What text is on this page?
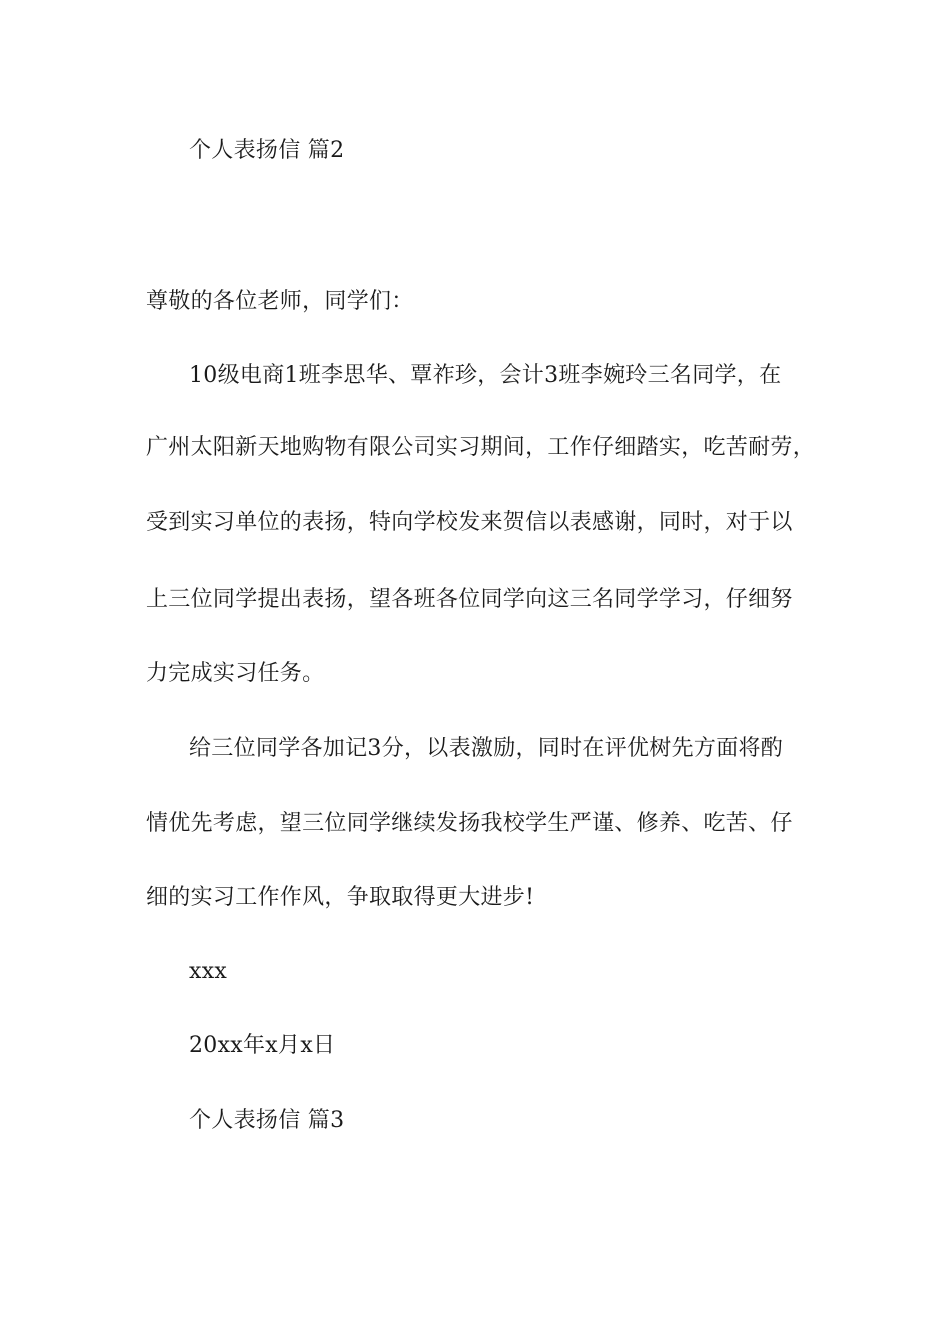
个人表扬信 篇2
尊敬的各位老师，同学们：
10级电商1班李思华、覃祚珍，会计3班李婉玲三名同学，在
广州太阳新天地购物有限公司实习期间，工作仔细踏实，吃苦耐劳，
受到实习单位的表扬，特向学校发来贺信以表感谢，同时，对于以
上三位同学提出表扬，望各班各位同学向这三名同学学习，仔细努
力完成实习任务。
给三位同学各加记3分，以表激励，同时在评优树先方面将酌
情优先考虑，望三位同学继续发扬我校学生严谨、修养、吃苦、仔
细的实习工作作风，争取取得更大进步!
xxx
20xx年x月x日
个人表扬信 篇3
